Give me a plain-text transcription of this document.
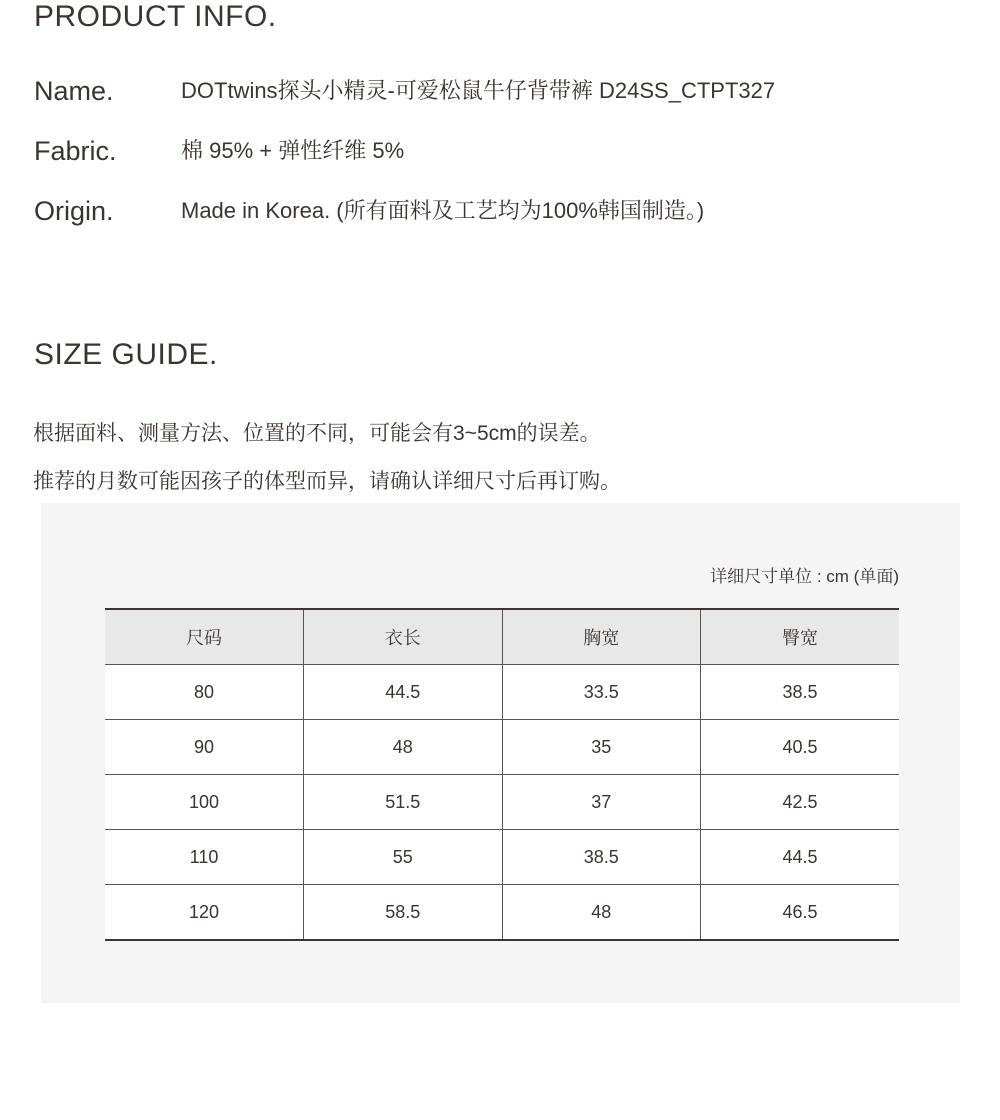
PRODUCT INFO.
Name.	DOTtwins探头小精灵-可爱松鼠牛仔背带裤 D24SS_CTPT327
Fabric.	棉 95% + 弹性纤维 5%
Origin.	Made in Korea. (所有面料及工艺均为100%韩国制造。)
SIZE GUIDE.
根据面料、测量方法、位置的不同，可能会有3~5cm的误差。
推荐的月数可能因孩子的体型而异，请确认详细尺寸后再订购。
详细尺寸单位 : cm (单面)
尺码	衣长	胸宽	臀宽
80	44.5	33.5	38.5
90	48	35	40.5
100	51.5	37	42.5
110	55	38.5	44.5
120	58.5	48	46.5
